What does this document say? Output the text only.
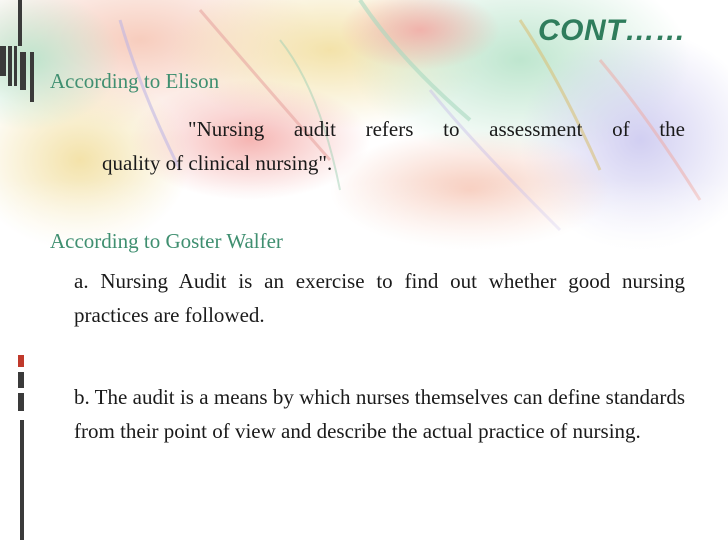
CONT……
According to Elison
"Nursing audit refers to assessment of the
quality of clinical nursing".
According to Goster Walfer
a. Nursing Audit is an exercise to find out whether good nursing practices are followed.
b. The audit is a means by which nurses themselves can define standards from their point of view and describe the actual practice of nursing.
